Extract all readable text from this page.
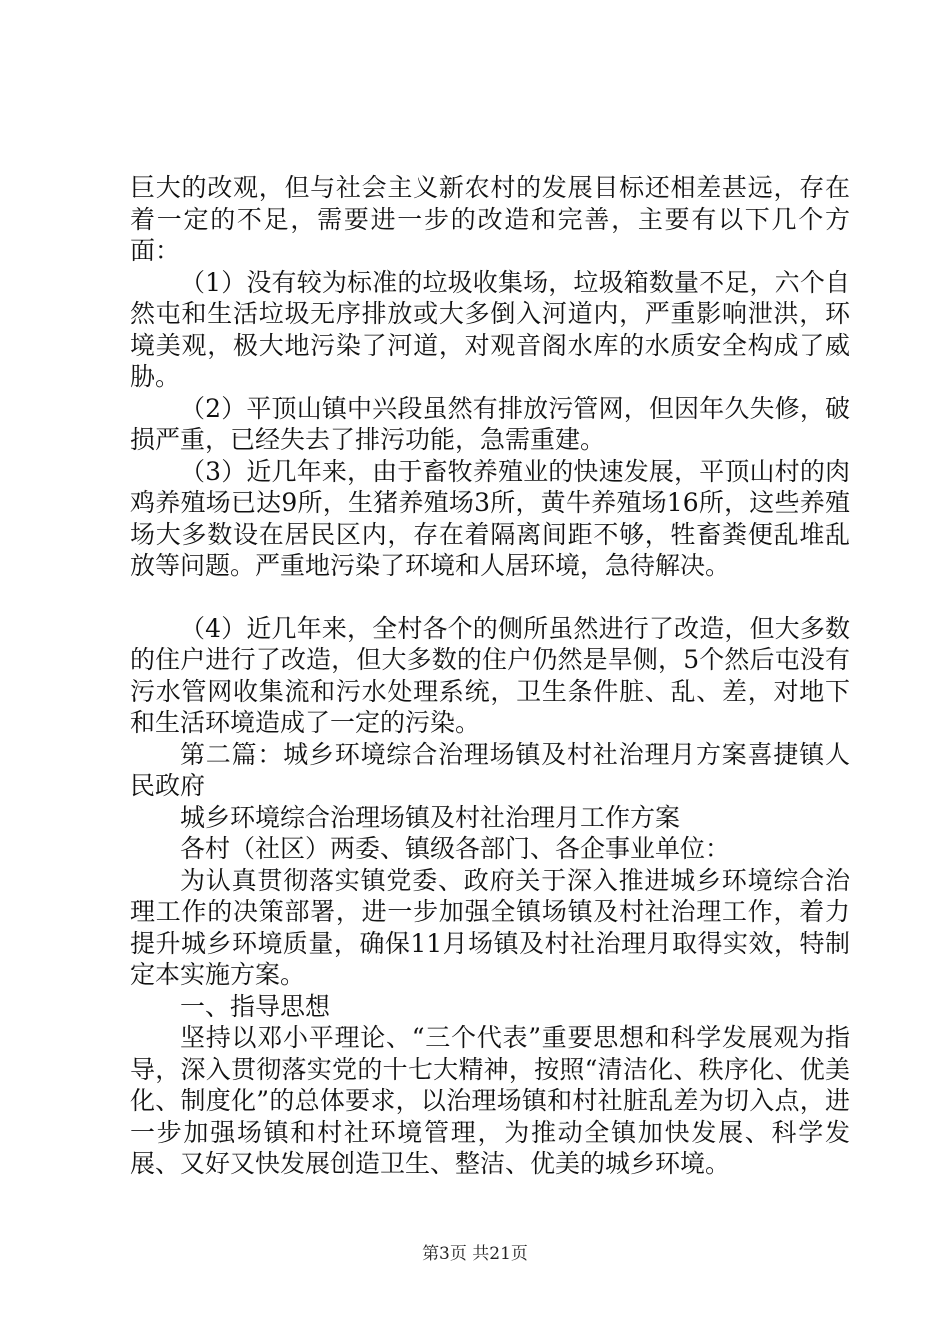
巨大的改观，但与社会主义新农村的发展目标还相差甚远，存在着一定的不足，需要进一步的改造和完善，主要有以下几个方面：

（1）没有较为标准的垃圾收集场，垃圾箱数量不足，六个自然屯和生活垃圾无序排放或大多倒入河道内，严重影响泄洪，环境美观，极大地污染了河道，对观音阁水库的水质安全构成了威胁。

（2）平顶山镇中兴段虽然有排放污管网，但因年久失修，破损严重，已经失去了排污功能，急需重建。

（3）近几年来，由于畜牧养殖业的快速发展，平顶山村的肉鸡养殖场已达9所，生猪养殖场3所，黄牛养殖场16所，这些养殖场大多数设在居民区内，存在着隔离间距不够，牲畜粪便乱堆乱放等问题。严重地污染了环境和人居环境，急待解决。

（4）近几年来，全村各个的侧所虽然进行了改造，但大多数的住户进行了改造，但大多数的住户仍然是旱侧，5个然后屯没有污水管网收集流和污水处理系统，卫生条件脏、乱、差，对地下和生活环境造成了一定的污染。

第二篇：城乡环境综合治理场镇及村社治理月方案喜捷镇人民政府

城乡环境综合治理场镇及村社治理月工作方案

各村（社区）两委、镇级各部门、各企事业单位：

为认真贯彻落实镇党委、政府关于深入推进城乡环境综合治理工作的决策部署，进一步加强全镇场镇及村社治理工作，着力提升城乡环境质量，确保11月场镇及村社治理月取得实效，特制定本实施方案。

一、指导思想

坚持以邓小平理论、“三个代表”重要思想和科学发展观为指导，深入贯彻落实党的十七大精神，按照“清洁化、秩序化、优美化、制度化”的总体要求，以治理场镇和村社脏乱差为切入点，进一步加强场镇和村社环境管理，为推动全镇加快发展、科学发展、又好又快发展创造卫生、整洁、优美的城乡环境。

第3页 共21页
